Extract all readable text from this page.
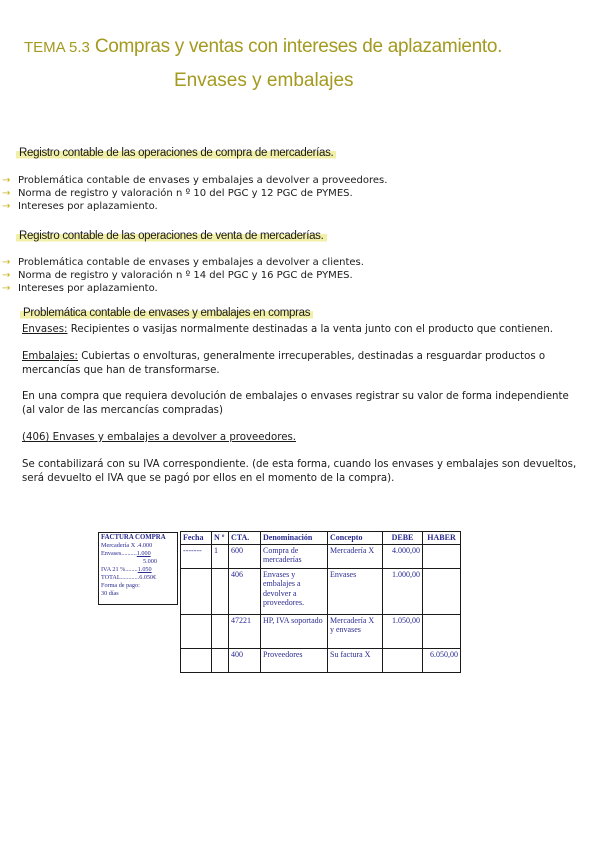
TEMA 5.3 Compras y ventas con intereses de aplazamiento.
Envases y embalajes
Registro contable de las operaciones de compra de mercaderías.
→ Problemática contable de envases y embalajes a devolver a proveedores.
→ Norma de registro y valoración n º 10 del PGC y 12 PGC de PYMES.
→ Intereses por aplazamiento.
Registro contable de las operaciones de venta de mercaderías.
→ Problemática contable de envases y embalajes a devolver a clientes.
→ Norma de registro y valoración n º 14 del PGC y 16 PGC de PYMES.
→ Intereses por aplazamiento.
Problemática contable de envases y embalajes en compras
Envases: Recipientes o vasijas normalmente destinadas a la venta junto con el producto que contienen.
Embalajes: Cubiertas o envolturas, generalmente irrecuperables, destinadas a resguardar productos o
mercancías que han de transformarse.
En una compra que requiera devolución de embalajes o envases registrar su valor de forma independiente
(al valor de las mercancías compradas)
(406) Envases y embalajes a devolver a proveedores.
Se contabilizará con su IVA correspondiente. (de esta forma, cuando los envases y embalajes son devueltos,
será devuelto el IVA que se pagó por ellos en el momento de la compra).
FACTURA COMPRA
Mercadería X .4.000
Envases..........1.000
5.000
IVA 21 %........1.050
TOTAL............6.050€
Forma de pago:
30 días
Fecha	N º	CTA.	Denominación	Concepto	DEBE	HABER
-------	1	600	Compra de mercaderías	Mercadería X	4.000,00	
		406	Envases y embalajes a devolver a proveedores.	Envases	1.000,00	
		47221	HP, IVA soportado	Mercadería X y envases	1.050,00	
		400	Proveedores	Su factura X		6.050,00
